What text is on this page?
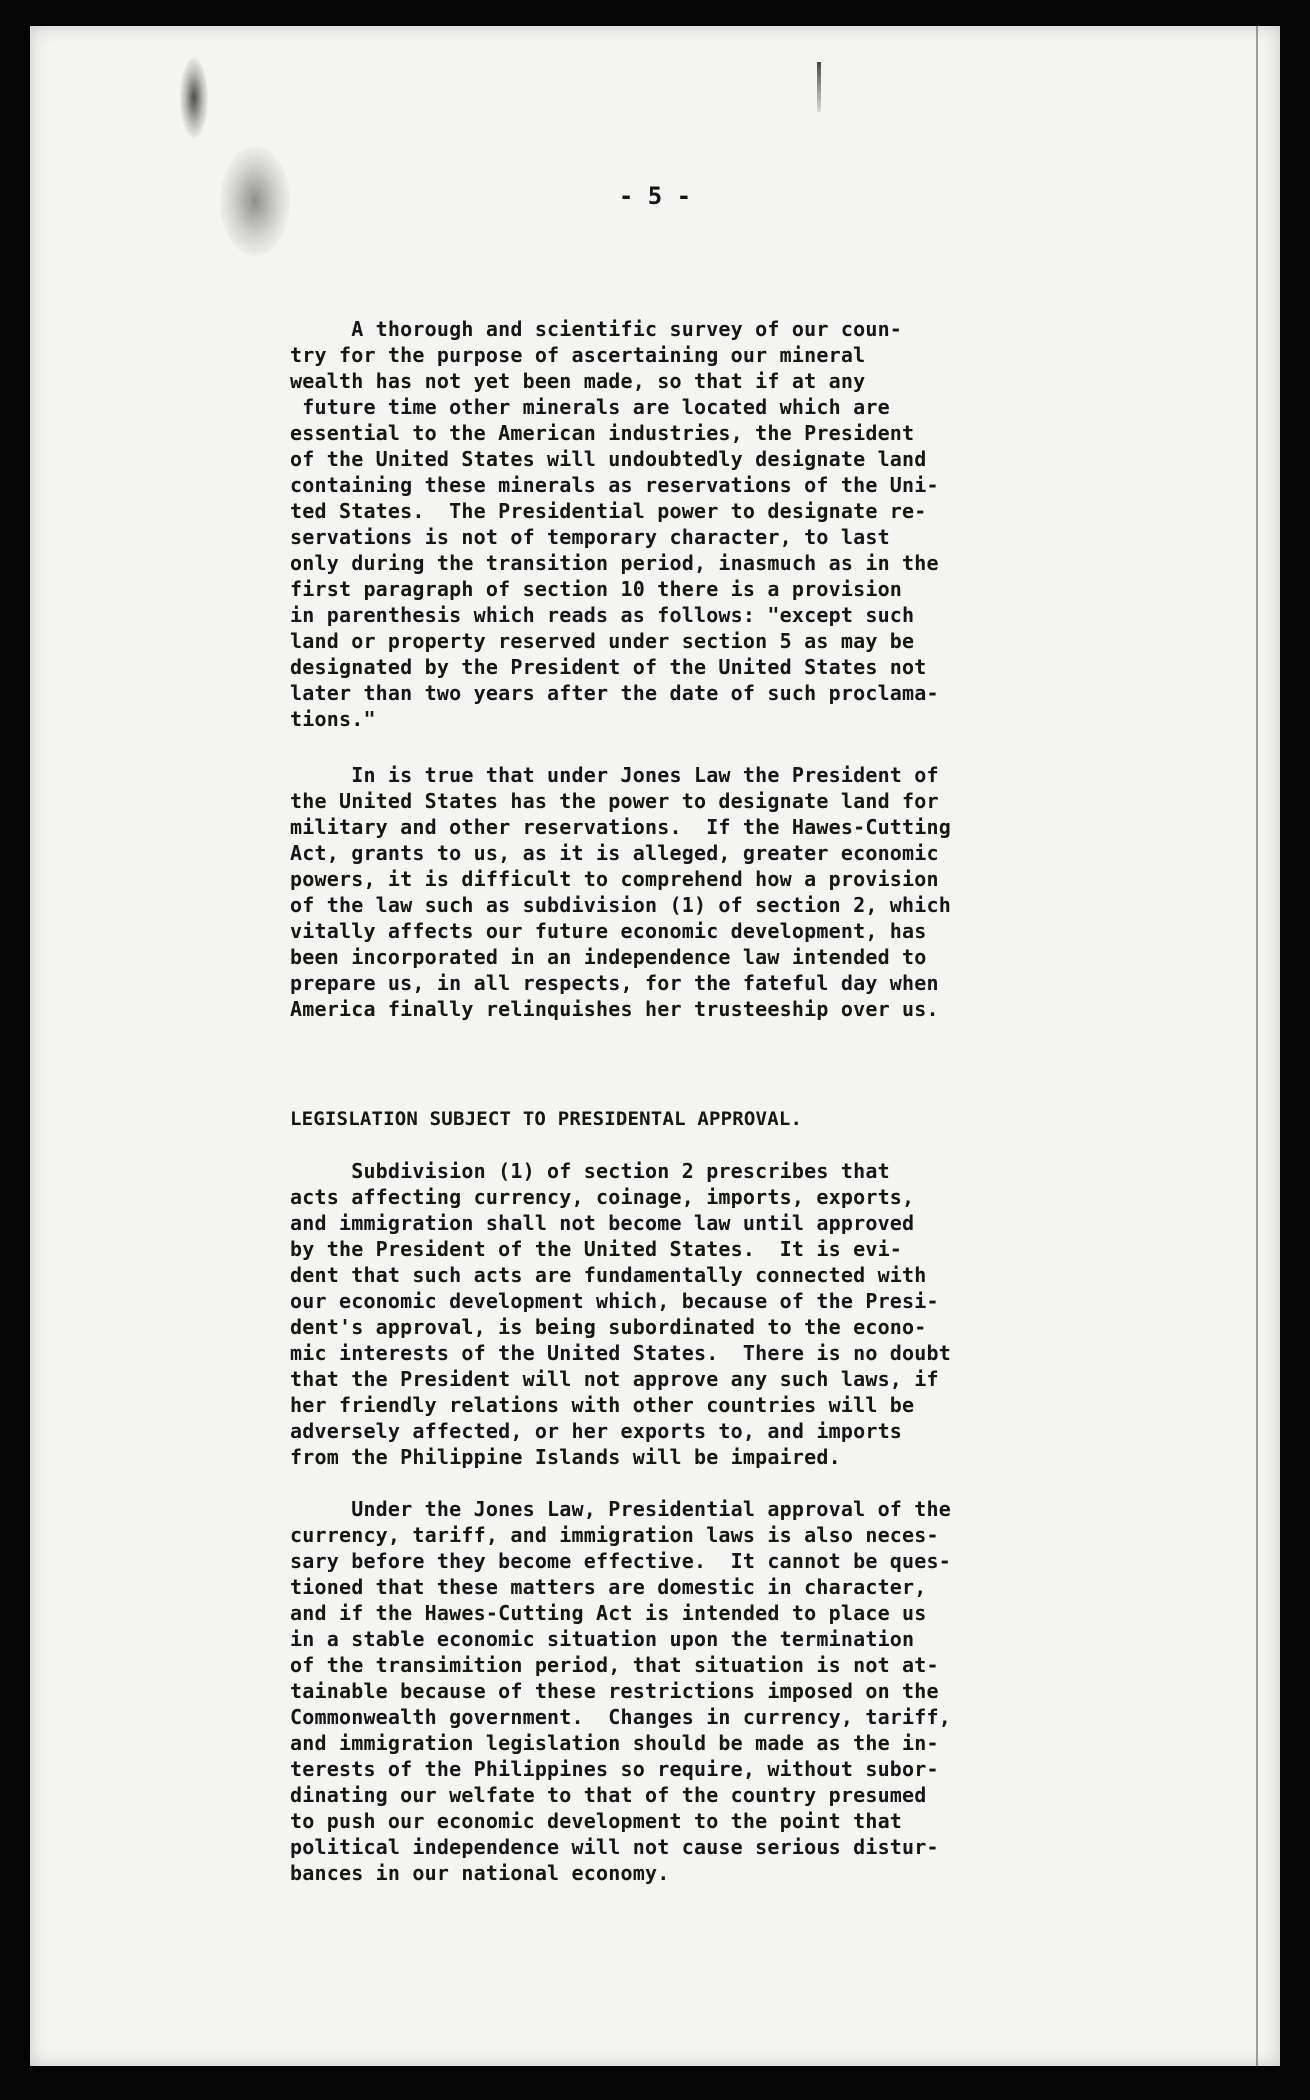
- 5 -

A thorough and scientific survey of our coun-
try for the purpose of ascertaining our mineral
wealth has not yet been made, so that if at any
future time other minerals are located which are
essential to the American industries, the President
of the United States will undoubtedly designate land
containing these minerals as reservations of the Uni-
ted States.  The Presidential power to designate re-
servations is not of temporary character, to last
only during the transition period, inasmuch as in the
first paragraph of section 10 there is a provision
in parenthesis which reads as follows: "except such
land or property reserved under section 5 as may be
designated by the President of the United States not
later than two years after the date of such proclama-
tions."

In is true that under Jones Law the President of
the United States has the power to designate land for
military and other reservations.  If the Hawes-Cutting
Act, grants to us, as it is alleged, greater economic
powers, it is difficult to comprehend how a provision
of the law such as subdivision (1) of section 2, which
vitally affects our future economic development, has
been incorporated in an independence law intended to
prepare us, in all respects, for the fateful day when
America finally relinquishes her trusteeship over us.

LEGISLATION SUBJECT TO PRESIDENTAL APPROVAL.

Subdivision (1) of section 2 prescribes that
acts affecting currency, coinage, imports, exports,
and immigration shall not become law until approved
by the President of the United States.  It is evi-
dent that such acts are fundamentally connected with
our economic development which, because of the Presi-
dent's approval, is being subordinated to the econo-
mic interests of the United States.  There is no doubt
that the President will not approve any such laws, if
her friendly relations with other countries will be
adversely affected, or her exports to, and imports
from the Philippine Islands will be impaired.

Under the Jones Law, Presidential approval of the
currency, tariff, and immigration laws is also neces-
sary before they become effective.  It cannot be ques-
tioned that these matters are domestic in character,
and if the Hawes-Cutting Act is intended to place us
in a stable economic situation upon the termination
of the transimition period, that situation is not at-
tainable because of these restrictions imposed on the
Commonwealth government.  Changes in currency, tariff,
and immigration legislation should be made as the in-
terests of the Philippines so require, without subor-
dinating our welfate to that of the country presumed
to push our economic development to the point that
political independence will not cause serious distur-
bances in our national economy.
